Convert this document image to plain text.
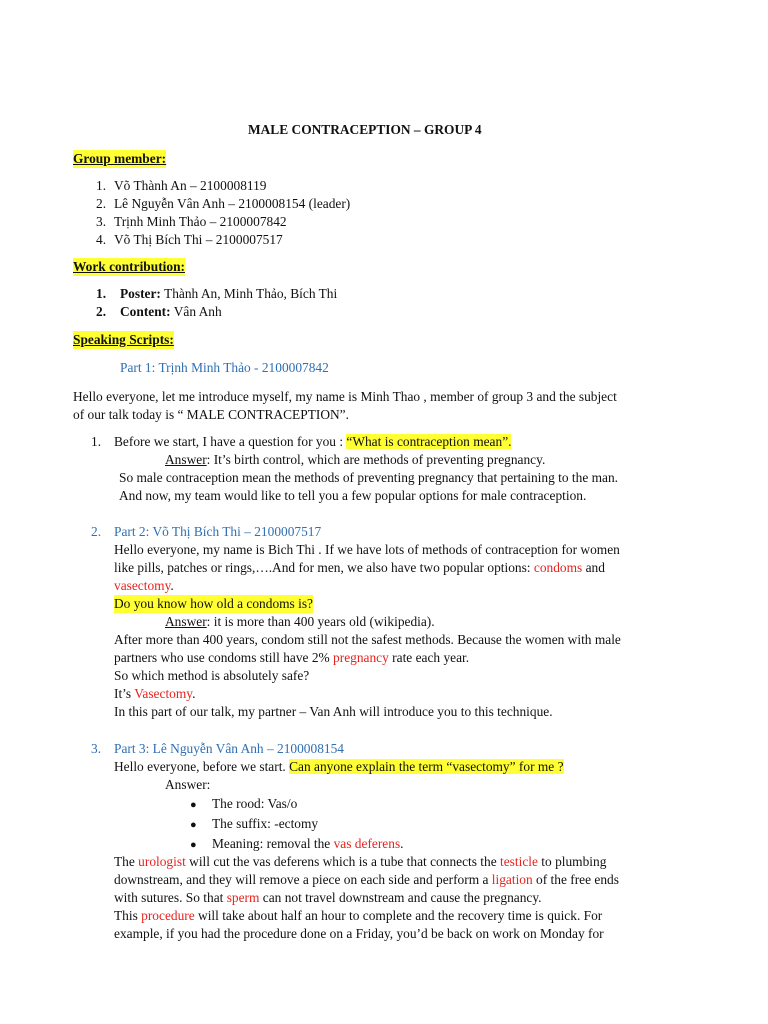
MALE CONTRACEPTION – GROUP 4
Group member:
1. Võ Thành An – 2100008119
2. Lê Nguyễn Vân Anh – 2100008154 (leader)
3. Trịnh Minh Thảo – 2100007842
4. Võ Thị Bích Thi – 2100007517
Work contribution:
1. Poster: Thành An, Minh Thảo, Bích Thi
2. Content: Vân Anh
Speaking Scripts:
Part 1: Trịnh Minh Thảo - 2100007842
Hello everyone, let me introduce myself, my name is Minh Thao , member of group 3 and the subject
of our talk today is “ MALE CONTRACEPTION”.
1. Before we start, I have a question for you : “What is contraception mean”.
Answer: It’s birth control, which are methods of preventing pregnancy.
So male contraception mean the methods of preventing pregnancy that pertaining to the man.
And now, my team would like to tell you a few popular options for male contraception.
2. Part 2: Võ Thị Bích Thi – 2100007517
Hello everyone, my name is Bich Thi . If we have lots of methods of contraception for women
like pills, patches or rings,….And for men, we also have two popular options: condoms and
vasectomy.
Do you know how old a condoms is?
Answer: it is more than 400 years old (wikipedia).
After more than 400 years, condom still not the safest methods. Because the women with male
partners who use condoms still have 2% pregnancy rate each year.
So which method is absolutely safe?
It’s Vasectomy.
In this part of our talk, my partner – Van Anh will introduce you to this technique.
3. Part 3: Lê Nguyễn Vân Anh – 2100008154
Hello everyone, before we start. Can anyone explain the term “vasectomy” for me ?
Answer:
● The rood: Vas/o
● The suffix: -ectomy
● Meaning: removal the vas deferens.
The urologist will cut the vas deferens which is a tube that connects the testicle to plumbing
downstream, and they will remove a piece on each side and perform a ligation of the free ends
with sutures. So that sperm can not travel downstream and cause the pregnancy.
This procedure will take about half an hour to complete and the recovery time is quick. For
example, if you had the procedure done on a Friday, you’d be back on work on Monday for
